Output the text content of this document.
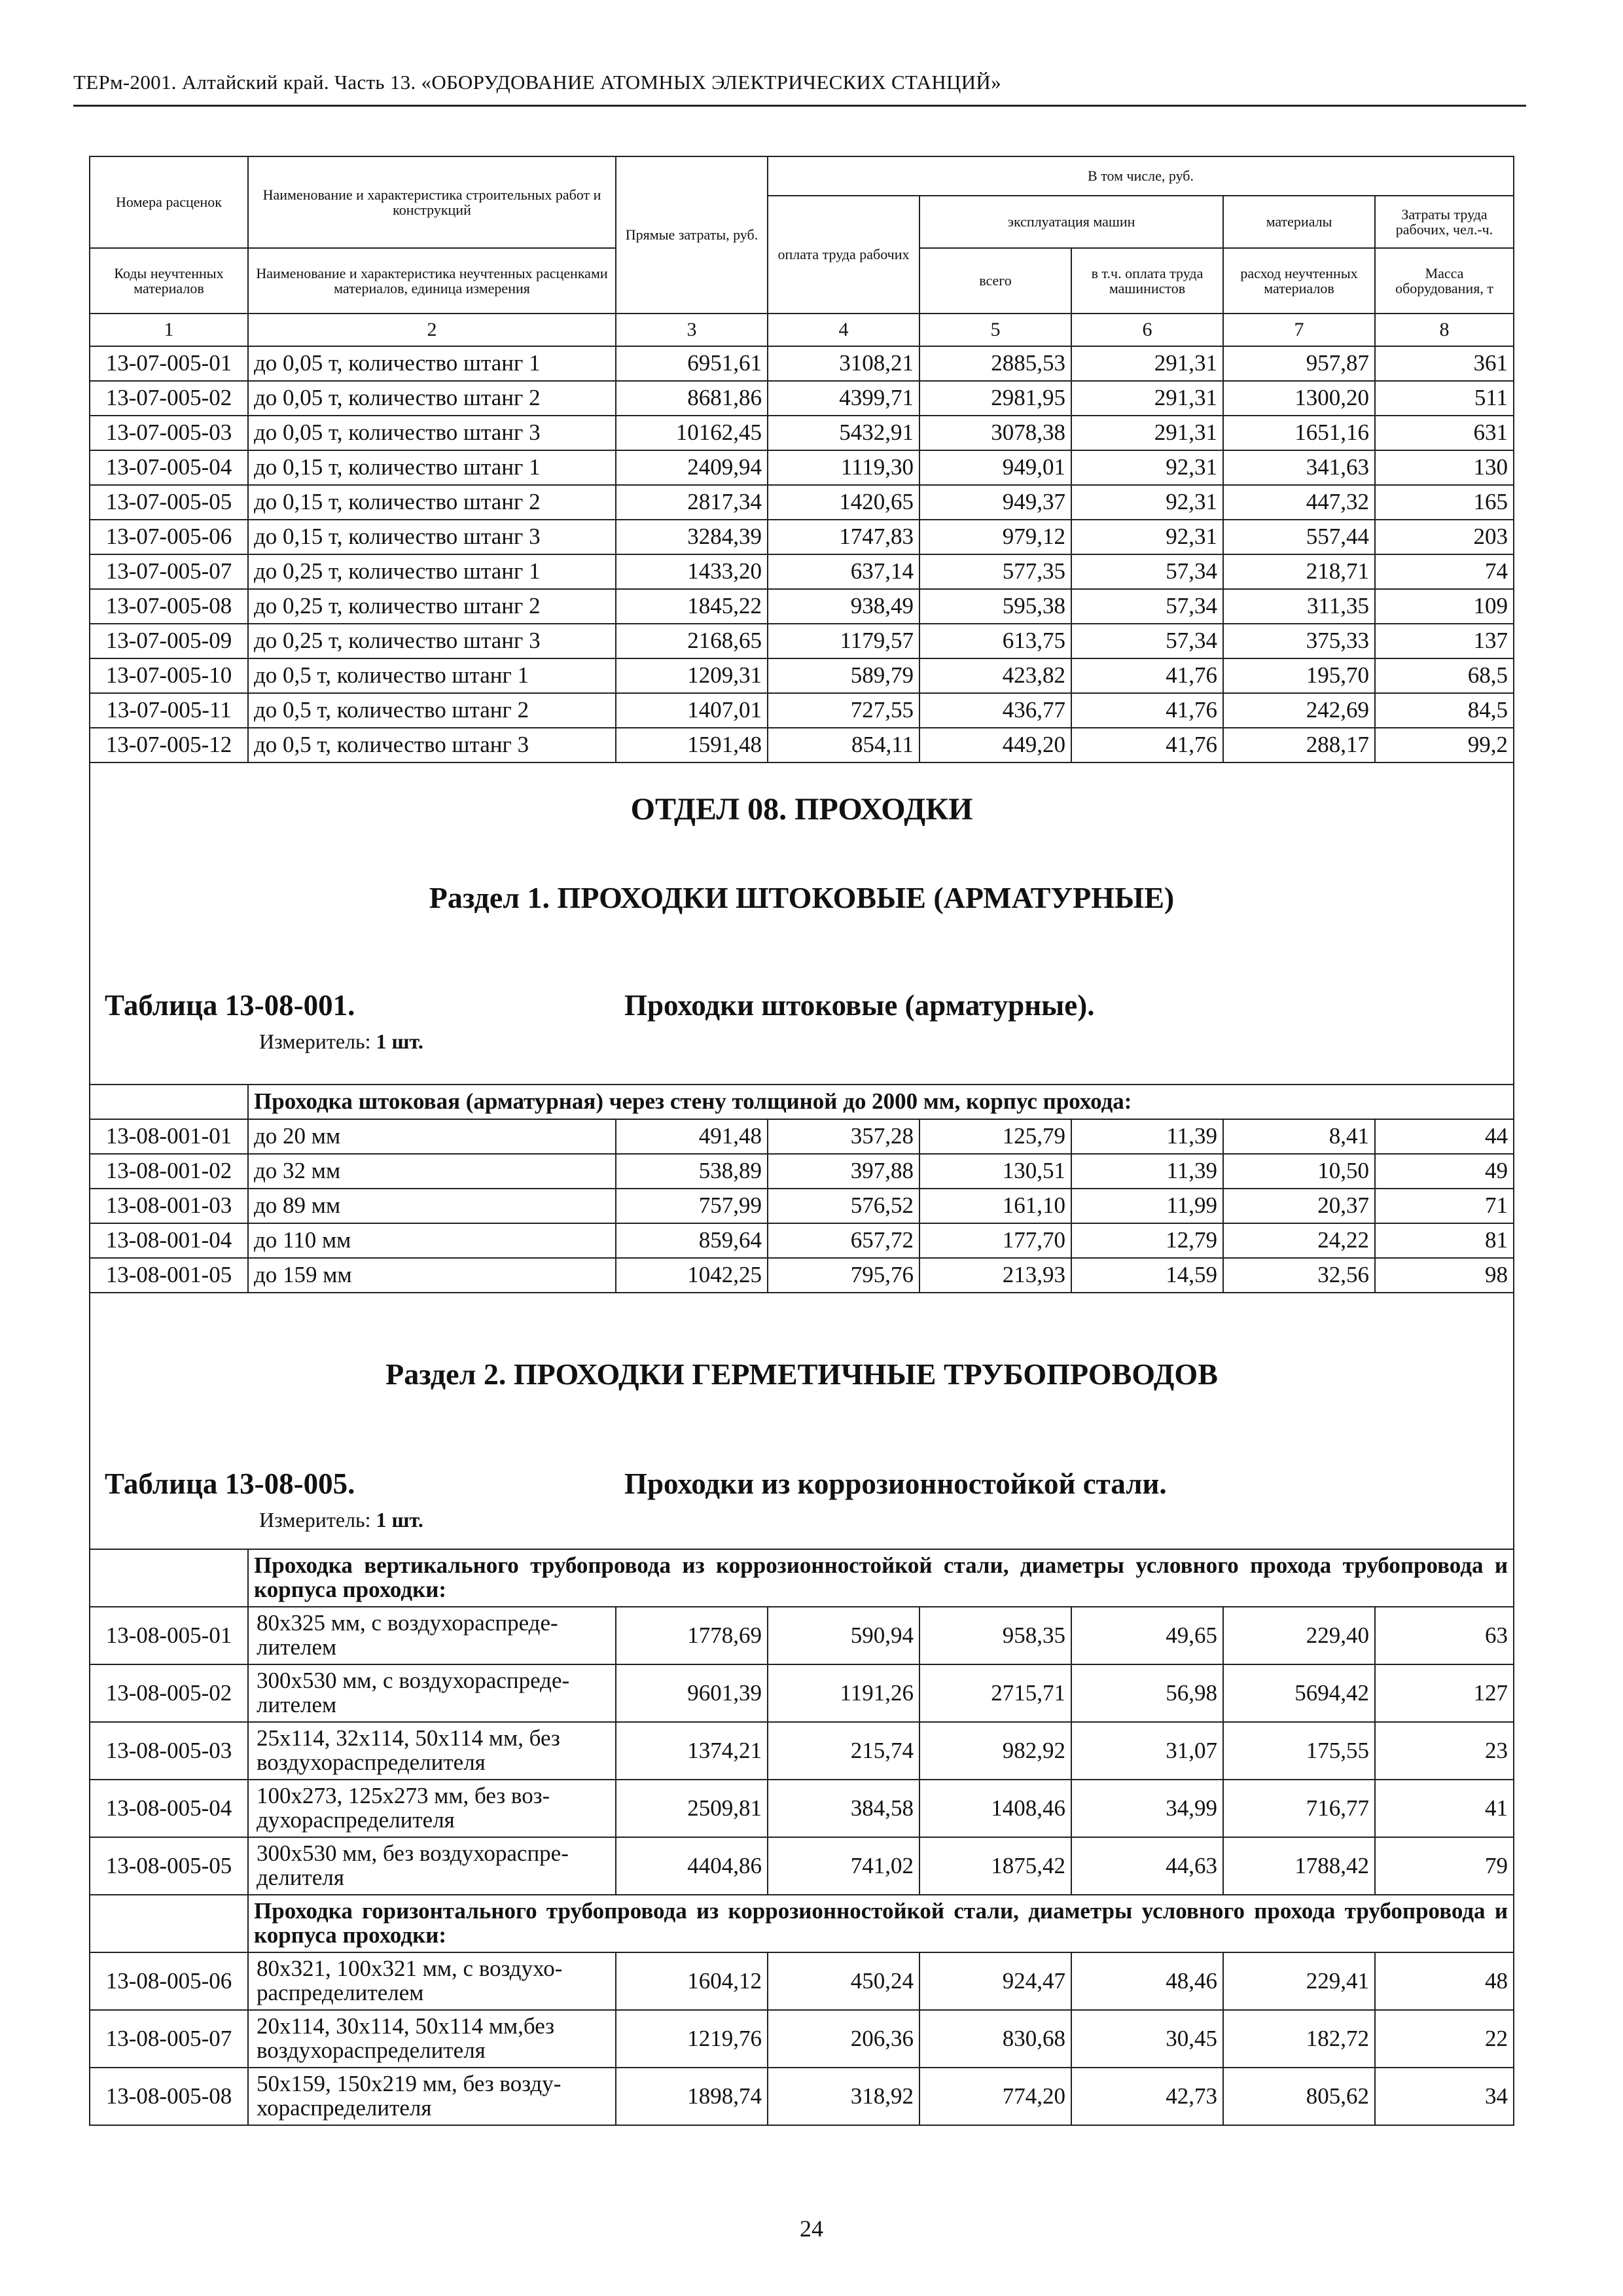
ТЕРм-2001. Алтайский край. Часть 13. «ОБОРУДОВАНИЕ АТОМНЫХ ЭЛЕКТРИЧЕСКИХ СТАНЦИЙ»
Номера расценок	Наименование и характеристика строительных работ и конструкций	Прямые затраты, руб.	В том числе, руб.				
			оплата труда рабочих	эксплуатация машин		материалы	Затраты труда рабочих, чел.-ч.
Коды неучтенных материалов	Наименование и характеристика неучтенных расценками материалов, единица измерения			всего	в т.ч. оплата труда машинистов	расход неучтенных материалов	Масса оборудования, т
1	2	3	4	5	6	7	8
13-07-005-01	до 0,05 т, количество штанг 1	6951,61	3108,21	2885,53	291,31	957,87	361
13-07-005-02	до 0,05 т, количество штанг 2	8681,86	4399,71	2981,95	291,31	1300,20	511
13-07-005-03	до 0,05 т, количество штанг 3	10162,45	5432,91	3078,38	291,31	1651,16	631
13-07-005-04	до 0,15 т, количество штанг 1	2409,94	1119,30	949,01	92,31	341,63	130
13-07-005-05	до 0,15 т, количество штанг 2	2817,34	1420,65	949,37	92,31	447,32	165
13-07-005-06	до 0,15 т, количество штанг 3	3284,39	1747,83	979,12	92,31	557,44	203
13-07-005-07	до 0,25 т, количество штанг 1	1433,20	637,14	577,35	57,34	218,71	74
13-07-005-08	до 0,25 т, количество штанг 2	1845,22	938,49	595,38	57,34	311,35	109
13-07-005-09	до 0,25 т, количество штанг 3	2168,65	1179,57	613,75	57,34	375,33	137
13-07-005-10	до 0,5 т, количество штанг 1	1209,31	589,79	423,82	41,76	195,70	68,5
13-07-005-11	до 0,5 т, количество штанг 2	1407,01	727,55	436,77	41,76	242,69	84,5
13-07-005-12	до 0,5 т, количество штанг 3	1591,48	854,11	449,20	41,76	288,17	99,2

ОТДЕЛ 08. ПРОХОДКИ
Раздел 1. ПРОХОДКИ ШТОКОВЫЕ (АРМАТУРНЫЕ)
Таблица 13-08-001. Проходки штоковые (арматурные).
Измеритель: 1 шт.							

	Проходка штоковая (арматурная) через стену толщиной до 2000 мм, корпус прохода:						
13-08-001-01	до 20 мм	491,48	357,28	125,79	11,39	8,41	44
13-08-001-02	до 32 мм	538,89	397,88	130,51	11,39	10,50	49
13-08-001-03	до 89 мм	757,99	576,52	161,10	11,99	20,37	71
13-08-001-04	до 110 мм	859,64	657,72	177,70	12,79	24,22	81
13-08-001-05	до 159 мм	1042,25	795,76	213,93	14,59	32,56	98

Раздел 2. ПРОХОДКИ ГЕРМЕТИЧНЫЕ ТРУБОПРОВОДОВ
Таблица 13-08-005. Проходки из коррозионностойкой стали.
Измеритель: 1 шт.							

	Проходка вертикального трубопровода из коррозионностойкой стали, диаметры условного прохода трубопровода и корпуса проходки:						
13-08-005-01	80х325 мм, с воздухораспреде-лителем	1778,69	590,94	958,35	49,65	229,40	63
13-08-005-02	300х530 мм, с воздухораспреде-лителем	9601,39	1191,26	2715,71	56,98	5694,42	127
13-08-005-03	25х114, 32х114, 50х114 мм, без воздухораспределителя	1374,21	215,74	982,92	31,07	175,55	23
13-08-005-04	100х273, 125х273 мм, без воз-духораспределителя	2509,81	384,58	1408,46	34,99	716,77	41
13-08-005-05	300х530 мм, без воздухораспре-делителя	4404,86	741,02	1875,42	44,63	1788,42	79
	Проходка горизонтального трубопровода из коррозионностойкой стали, диаметры условного прохода трубопровода и корпуса проходки:						
13-08-005-06	80х321, 100х321 мм, с воздухо-распределителем	1604,12	450,24	924,47	48,46	229,41	48
13-08-005-07	20х114, 30х114, 50х114 мм,без воздухораспределителя	1219,76	206,36	830,68	30,45	182,72	22
13-08-005-08	50х159, 150х219 мм, без возду-хораспределителя	1898,74	318,92	774,20	42,73	805,62	34
24
